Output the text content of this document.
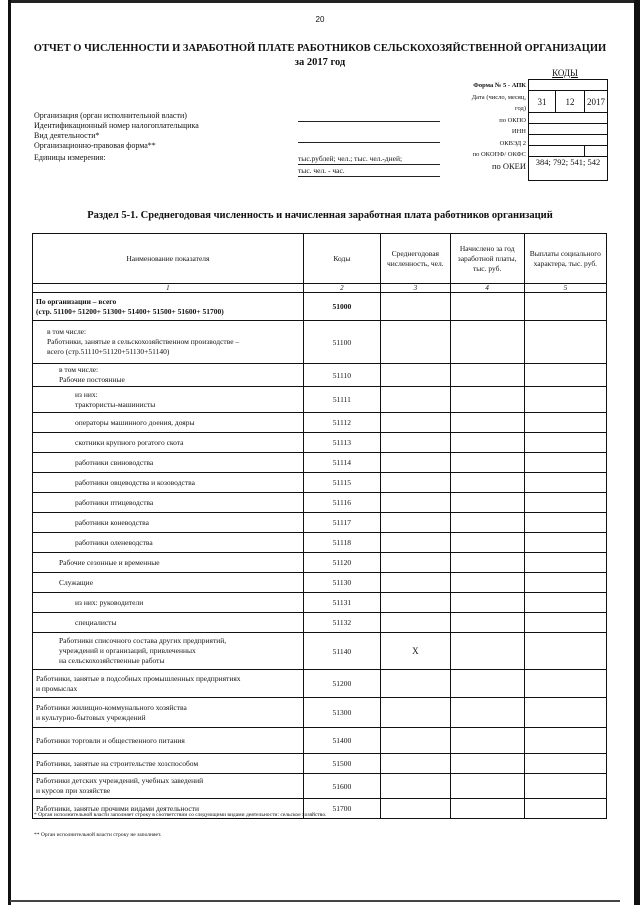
20
ОТЧЕТ О ЧИСЛЕННОСТИ И ЗАРАБОТНОЙ ПЛАТЕ РАБОТНИКОВ СЕЛЬСКОХОЗЯЙСТВЕННОЙ ОРГАНИЗАЦИИ
за 2017 год
КОДЫ
Форма № 5 - АПК
Дата (число, месяц,
год)
по ОКПО
ИНН
ОКВЭД 2
по ОКОПФ/ ОКФС
по ОКЕИ

31	12	2017

384; 792; 541; 542		
Организация (орган исполнительной власти)
Идентификационный номер налогоплательщика
Вид деятельности*
Организационно-правовая форма**
Единицы измерения:	тыс.рублей; чел.; тыс. чел.-дней;
тыс. чел. - час.
Раздел 5-1. Среднегодовая численность и начисленная заработная плата работников организаций
Наименование показателя	Коды	Среднегодовая численность, чел.	Начислено за год заработной платы, тыс. руб.	Выплаты социального характера, тыс. руб.
1	2	3	4	5

По организации – всего
(стр. 51100+ 51200+ 51300+ 51400+ 51500+ 51600+ 51700)	51000			

в том числе:
Работники, занятые в сельскохозяйственном производстве –
всего (стр.51110+51120+51130+51140)	51100			

в том числе:
Рабочие постоянные	51110			

из них:
трактористы-машинисты	51111			
операторы машинного доения, дояры	51112			
скотники крупного рогатого скота	51113			
работники свиноводства	51114			
работники овцеводства и козоводства	51115			
работники птицеводства	51116			
работники коневодства	51117			
работники оленеводства	51118			
Рабочие сезонные и временные	51120			
Служащие	51130			
из них: руководители	51131			
специалисты	51132			

Работники списочного состава других предприятий,
учреждений и организаций, привлеченных
на сельскохозяйственные работы	51140	Х		

Работники, занятые в подсобных промышленных предприятиях
и промыслах	51200			

Работники жилищно-коммунального хозяйства
и культурно-бытовых учреждений	51300			
Работники торговли и общественного питания	51400			
Работники, занятые на строительстве хозспособом	51500			

Работники детских учреждений, учебных заведений
и курсов при хозяйстве	51600			
Работники, занятые прочими видами деятельности	51700			
* Орган исполнительной власти заполняет строку в соответствии со следующими видами деятельности: сельское хозяйство.
** Орган исполнительной власти строку не заполняет.
